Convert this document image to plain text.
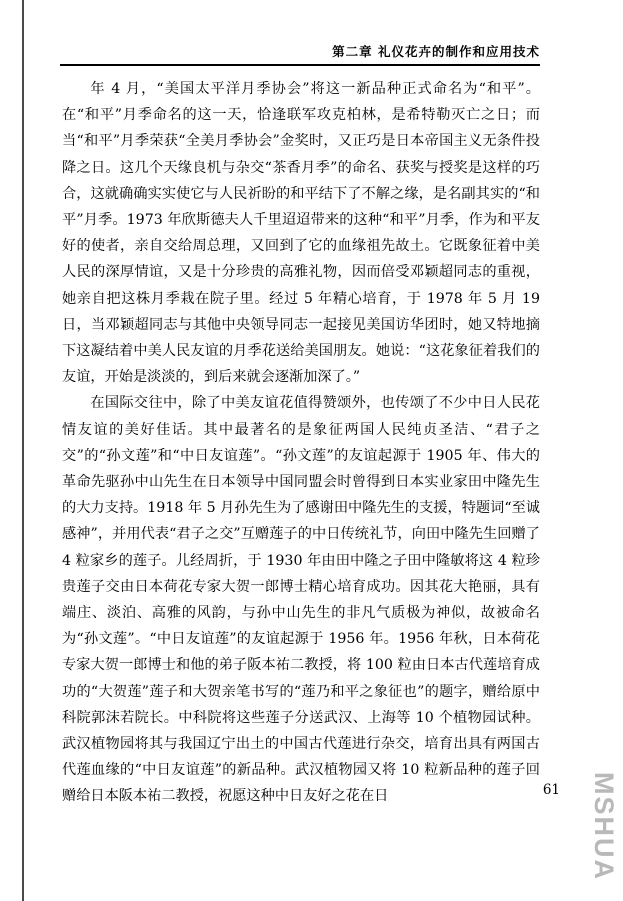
第二章 礼仪花卉的制作和应用技术

年 4 月，“美国太平洋月季协会”将这一新品种正式命名为“和平”。在“和平”月季命名的这一天，恰逢联军攻克柏林，是希特勒灭亡之日；而当“和平”月季荣获“全美月季协会”金奖时，又正巧是日本帝国主义无条件投降之日。这几个天缘良机与杂交“茶香月季”的命名、获奖与授奖是这样的巧合，这就确确实实使它与人民祈盼的和平结下了不解之缘，是名副其实的“和平”月季。1973 年欣斯德夫人千里迢迢带来的这种“和平”月季，作为和平友好的使者，亲自交给周总理，又回到了它的血缘祖先故土。它既象征着中美人民的深厚情谊，又是十分珍贵的高雅礼物，因而倍受邓颖超同志的重视，她亲自把这株月季栽在院子里。经过 5 年精心培育，于 1978 年 5 月 19 日，当邓颖超同志与其他中央领导同志一起接见美国访华团时，她又特地摘下这凝结着中美人民友谊的月季花送给美国朋友。她说：“这花象征着我们的友谊，开始是淡淡的，到后来就会逐渐加深了。”

在国际交往中，除了中美友谊花值得赞颂外，也传颂了不少中日人民花情友谊的美好佳话。其中最著名的是象征两国人民纯贞圣洁、“君子之交”的“孙文莲”和“中日友谊莲”。“孙文莲”的友谊起源于 1905 年、伟大的革命先驱孙中山先生在日本领导中国同盟会时曾得到日本实业家田中隆先生的大力支持。1918 年 5 月孙先生为了感谢田中隆先生的支援，特题词“至诚感神”，并用代表“君子之交”互赠莲子的中日传统礼节，向田中隆先生回赠了 4 粒家乡的莲子。儿经周折，于 1930 年由田中隆之子田中隆敏将这 4 粒珍贵莲子交由日本荷花专家大贺一郎博士精心培育成功。因其花大艳丽，具有端庄、淡泊、高雅的风韵，与孙中山先生的非凡气质极为神似，故被命名为“孙文莲”。“中日友谊莲”的友谊起源于 1956 年。1956 年秋，日本荷花专家大贺一郎博士和他的弟子阪本祐二教授，将 100 粒由日本古代莲培育成功的“大贺莲”莲子和大贺亲笔书写的“莲乃和平之象征也”的题字，赠给原中科院郭沫若院长。中科院将这些莲子分送武汉、上海等 10 个植物园试种。武汉植物园将其与我国辽宁出土的中国古代莲进行杂交，培育出具有两国古代莲血缘的“中日友谊莲”的新品种。武汉植物园又将 10 粒新品种的莲子回赠给日本阪本祐二教授，祝愿这种中日友好之花在日	61 MSHUA
